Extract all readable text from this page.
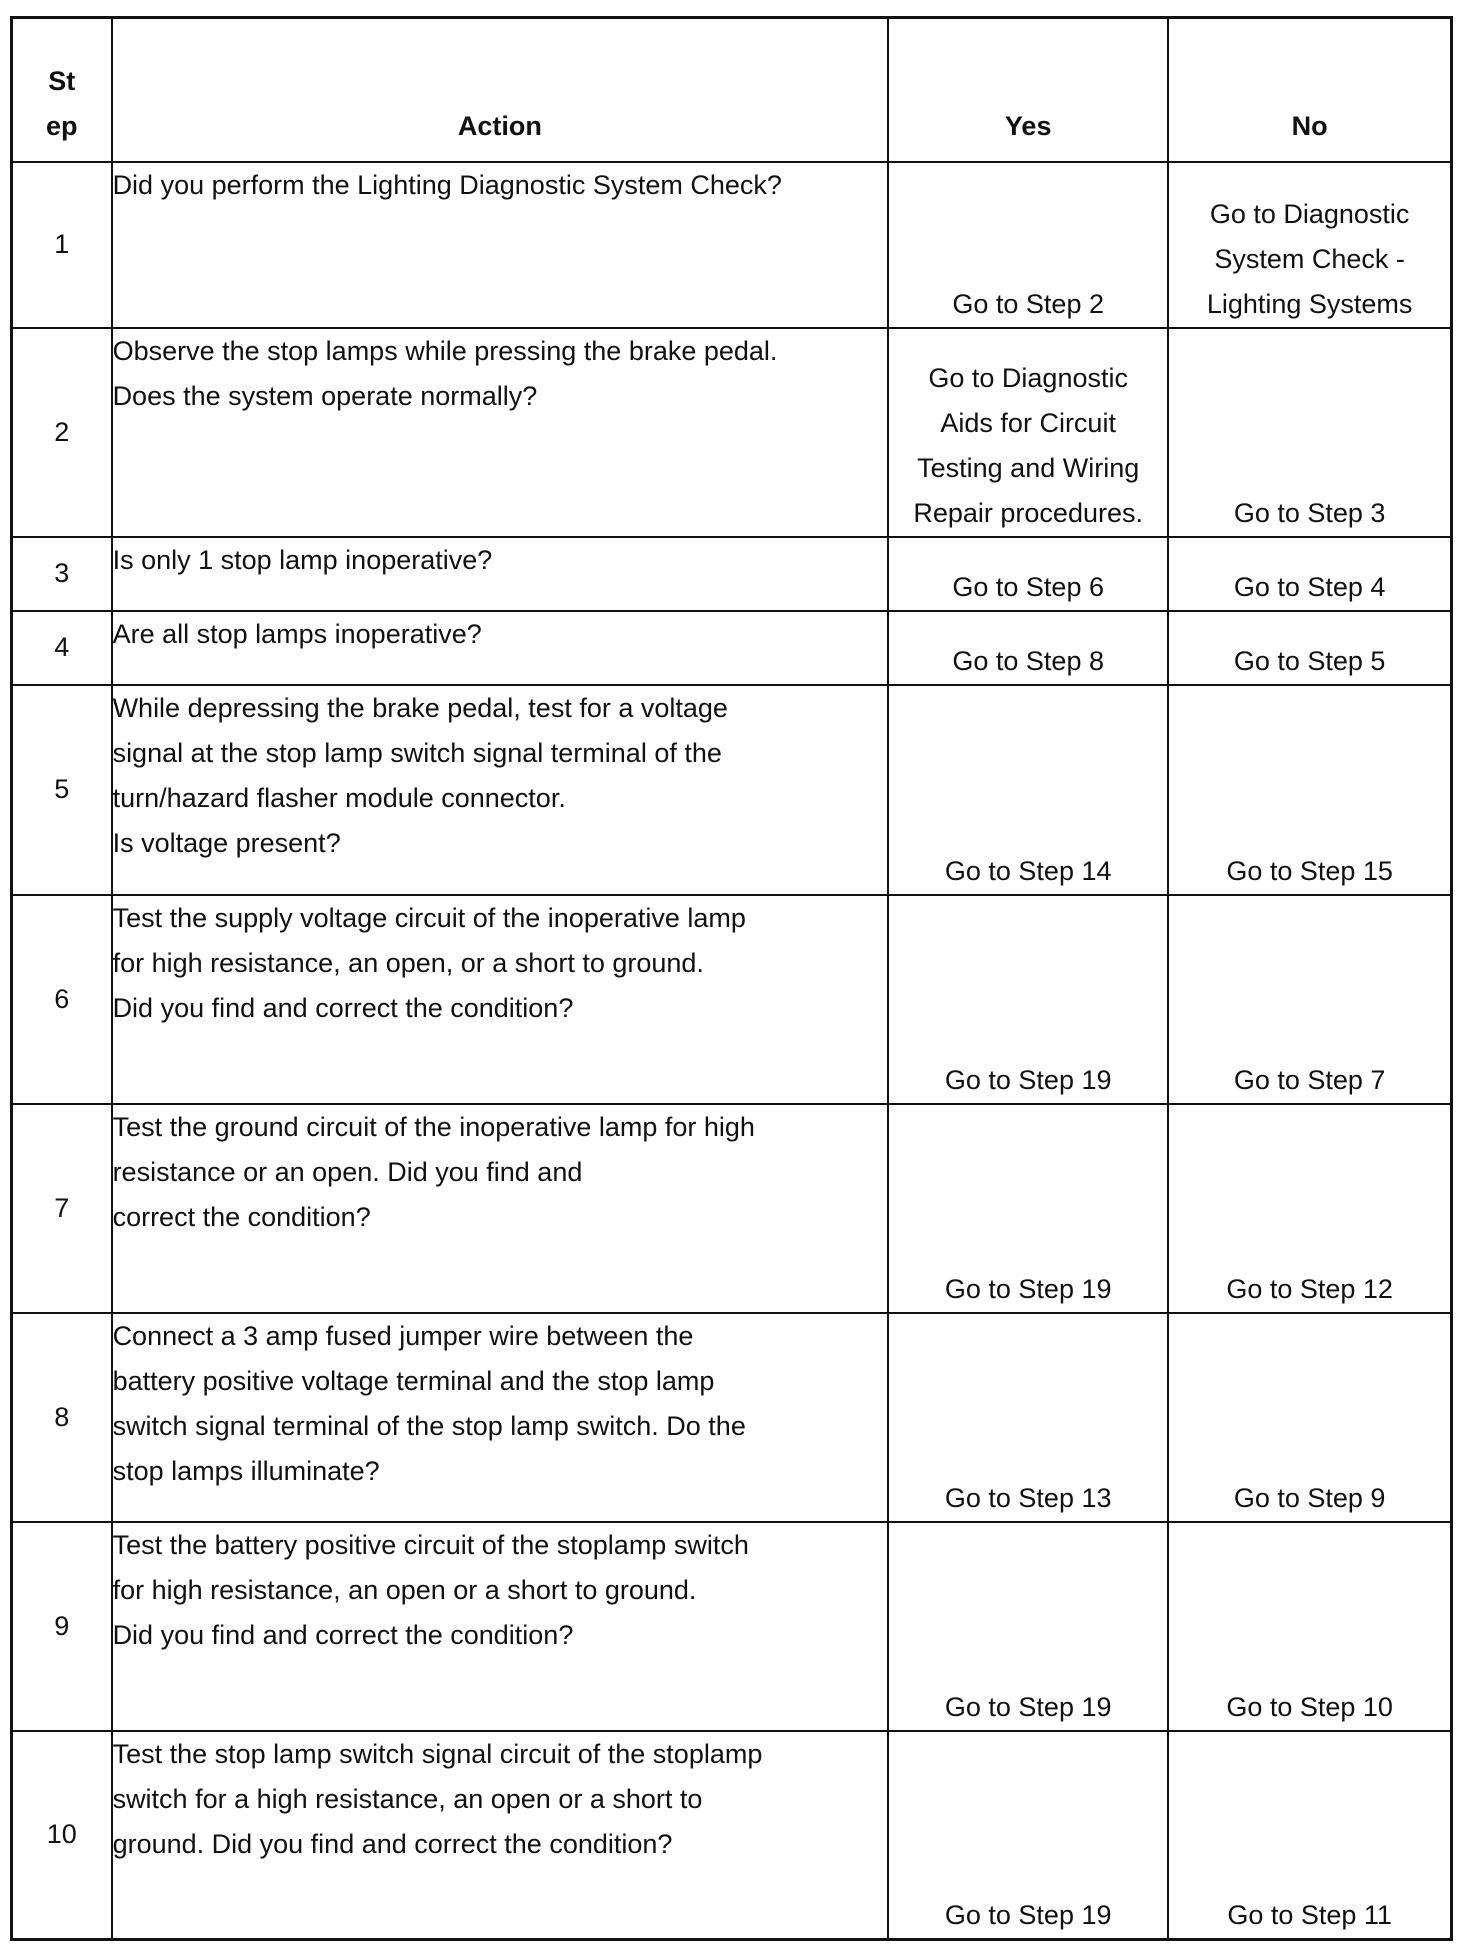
St
ep	Action	Yes	No
1	Did you perform the Lighting Diagnostic System Check?	Go to Step 2	Go to Diagnostic
System Check -
Lighting Systems

2	Observe the stop lamps while pressing the brake pedal.
Does the system operate normally?	Go to Diagnostic
Aids for Circuit
Testing and Wiring
Repair procedures.	Go to Step 3

3	Is only 1 stop lamp inoperative?	Go to Step 6	Go to Step 4

4	Are all stop lamps inoperative?	Go to Step 8	Go to Step 5

5	While depressing the brake pedal, test for a voltage
signal at the stop lamp switch signal terminal of the
turn/hazard flasher module connector.
Is voltage present?	Go to Step 14	Go to Step 15

6	Test the supply voltage circuit of the inoperative lamp
for high resistance, an open, or a short to ground.
Did you find and correct the condition?	Go to Step 19	Go to Step 7

7	Test the ground circuit of the inoperative lamp for high
resistance or an open. Did you find and
correct the condition?	Go to Step 19	Go to Step 12

8	Connect a 3 amp fused jumper wire between the
battery positive voltage terminal and the stop lamp
switch signal terminal of the stop lamp switch. Do the
stop lamps illuminate?	Go to Step 13	Go to Step 9

9	Test the battery positive circuit of the stoplamp switch
for high resistance, an open or a short to ground.
Did you find and correct the condition?	Go to Step 19	Go to Step 10

10	Test the stop lamp switch signal circuit of the stoplamp
switch for a high resistance, an open or a short to
ground. Did you find and correct the condition?	Go to Step 19	Go to Step 11
